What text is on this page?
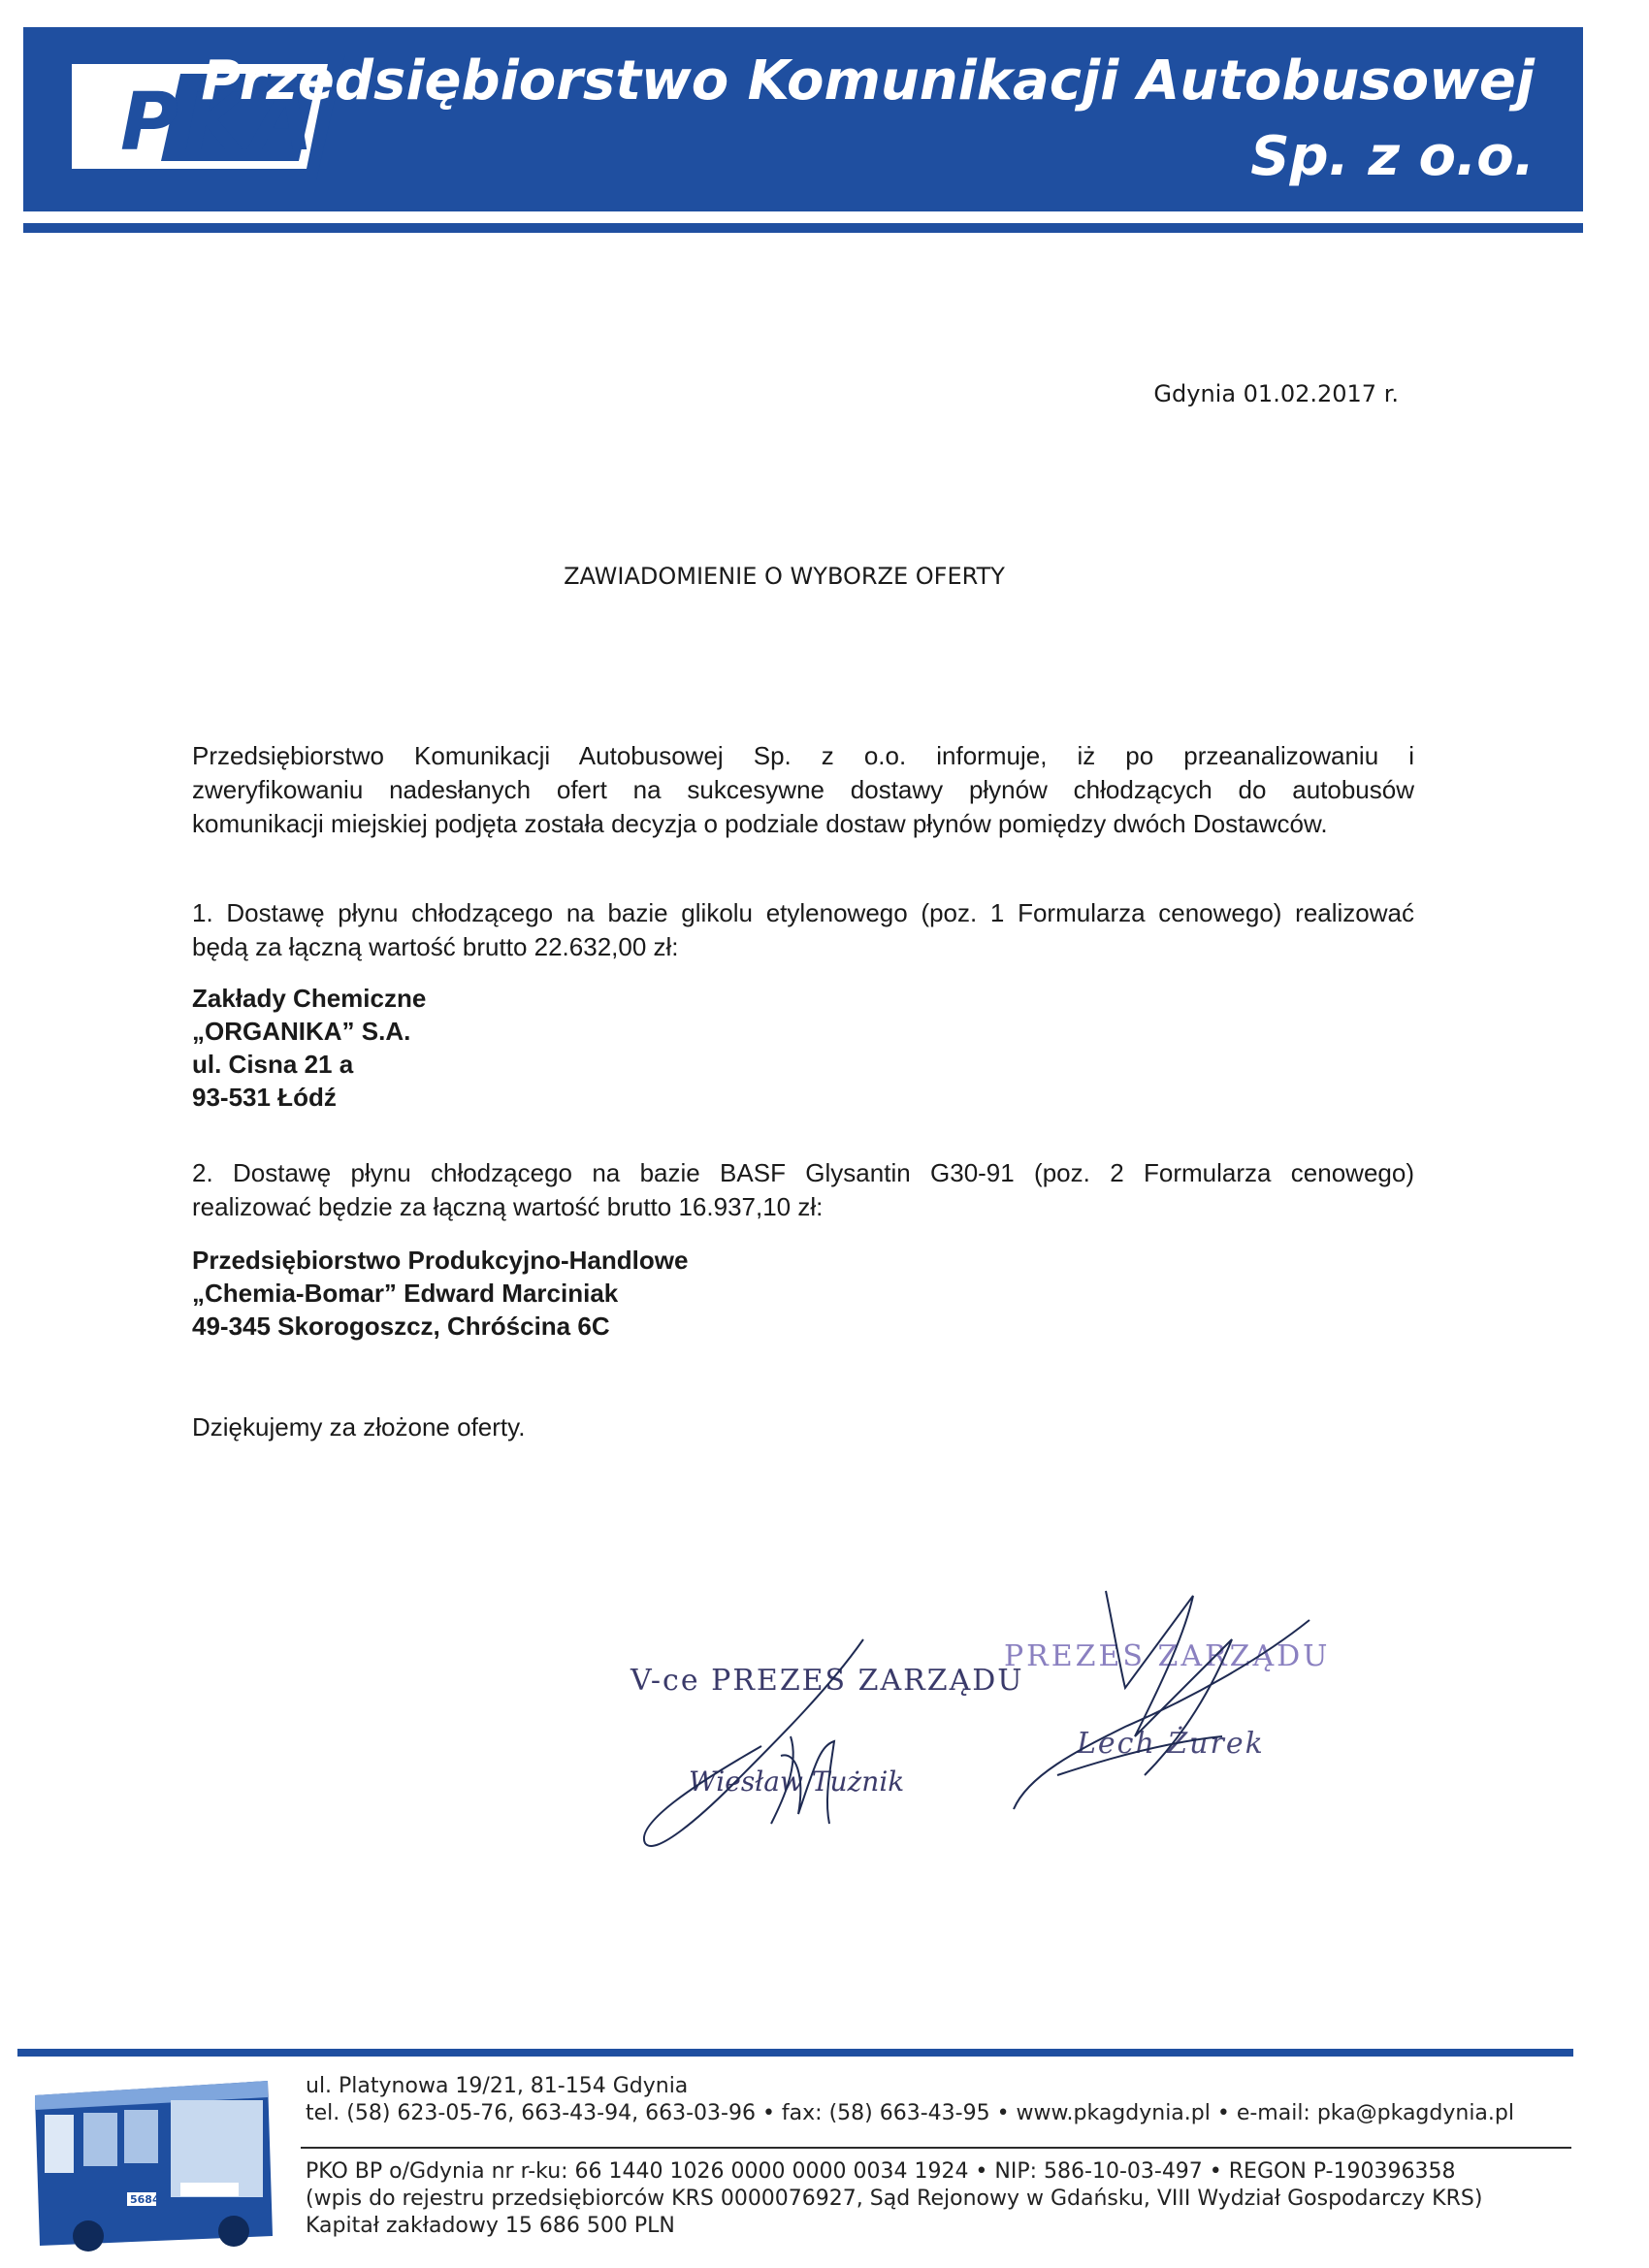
PKA
Przedsiębiorstwo Komunikacji Autobusowej
Sp. z o.o.
Gdynia 01.02.2017 r.
ZAWIADOMIENIE O WYBORZE OFERTY
Przedsiębiorstwo Komunikacji Autobusowej Sp. z o.o. informuje, iż po przeanalizowaniu i
zweryfikowaniu nadesłanych ofert na sukcesywne dostawy płynów chłodzących do autobusów
komunikacji miejskiej podjęta została decyzja o podziale dostaw płynów pomiędzy dwóch Dostawców.
1. Dostawę płynu chłodzącego na bazie glikolu etylenowego (poz. 1 Formularza cenowego) realizować
będą za łączną wartość brutto 22.632,00 zł:
Zakłady Chemiczne
„ORGANIKA” S.A.
ul. Cisna 21 a
93-531 Łódź
2. Dostawę płynu chłodzącego na bazie BASF Glysantin G30-91 (poz. 2 Formularza cenowego)
realizować będzie za łączną wartość brutto 16.937,10 zł:
Przedsiębiorstwo Produkcyjno-Handlowe
„Chemia-Bomar” Edward Marciniak
49-345 Skorogoszcz, Chróścina 6C
Dziękujemy za złożone oferty.
V-ce PREZES ZARZĄDU
Wiesław Tużnik
PREZES ZARZĄDU
Lech Żurek
5684
ul. Platynowa 19/21, 81-154 Gdynia
tel. (58) 623-05-76, 663-43-94, 663-03-96 • fax: (58) 663-43-95 • www.pkagdynia.pl • e-mail: pka@pkagdynia.pl
PKO BP o/Gdynia nr r-ku: 66 1440 1026 0000 0000 0034 1924 • NIP: 586-10-03-497 • REGON P-190396358
(wpis do rejestru przedsiębiorców KRS 0000076927, Sąd Rejonowy w Gdańsku, VIII Wydział Gospodarczy KRS)
Kapitał zakładowy 15 686 500 PLN
